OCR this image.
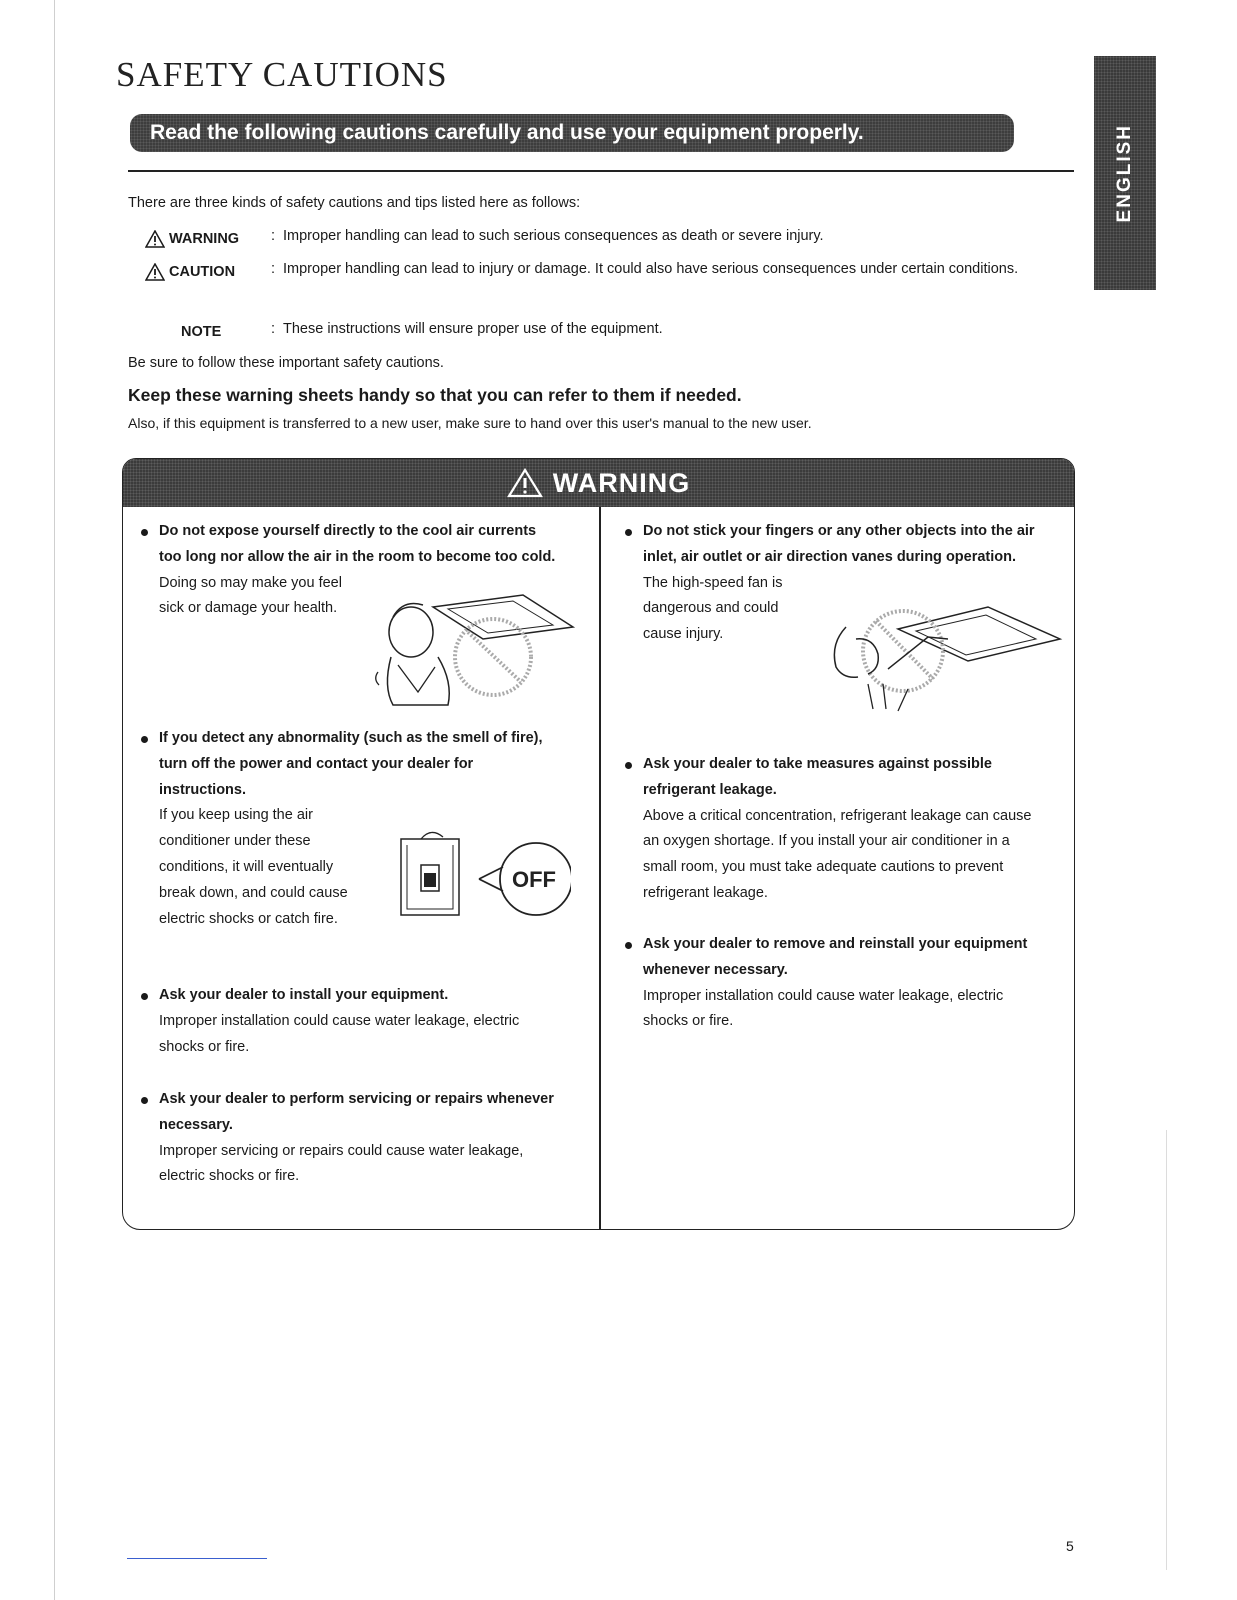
SAFETY CAUTIONS
Read the following cautions carefully and use your equipment properly.	ENGLISH
There are three kinds of safety cautions and tips listed here as follows:
WARNING	: Improper handling can lead to such serious consequences as death or severe injury.
CAUTION	: Improper handling can lead to injury or damage. It could also have serious consequences under certain conditions.
NOTE	: These instructions will ensure proper use of the equipment.
Be sure to follow these important safety cautions.
Keep these warning sheets handy so that you can refer to them if needed.
Also, if this equipment is transferred to a new user, make sure to hand over this user's manual to the new user.
WARNING
Do not expose yourself directly to the cool air currents too long nor allow the air in the room to become too cold.
Doing so may make you feel sick or damage your health.
If you detect any abnormality (such as the smell of fire), turn off the power and contact your dealer for instructions.
If you keep using the air conditioner under these conditions, it will eventually break down, and could cause electric shocks or catch fire.
OFF
Ask your dealer to install your equipment.
Improper installation could cause water leakage, electric shocks or fire.
Ask your dealer to perform servicing or repairs whenever necessary.
Improper servicing or repairs could cause water leakage, electric shocks or fire.
Do not stick your fingers or any other objects into the air inlet, air outlet or air direction vanes during operation.
The high-speed fan is dangerous and could cause injury.
Ask your dealer to take measures against possible refrigerant leakage.
Above a critical concentration, refrigerant leakage can cause an oxygen shortage. If you install your air conditioner in a small room, you must take adequate cautions to prevent refrigerant leakage.
Ask your dealer to remove and reinstall your equipment whenever necessary.
Improper installation could cause water leakage, electric shocks or fire.
5
